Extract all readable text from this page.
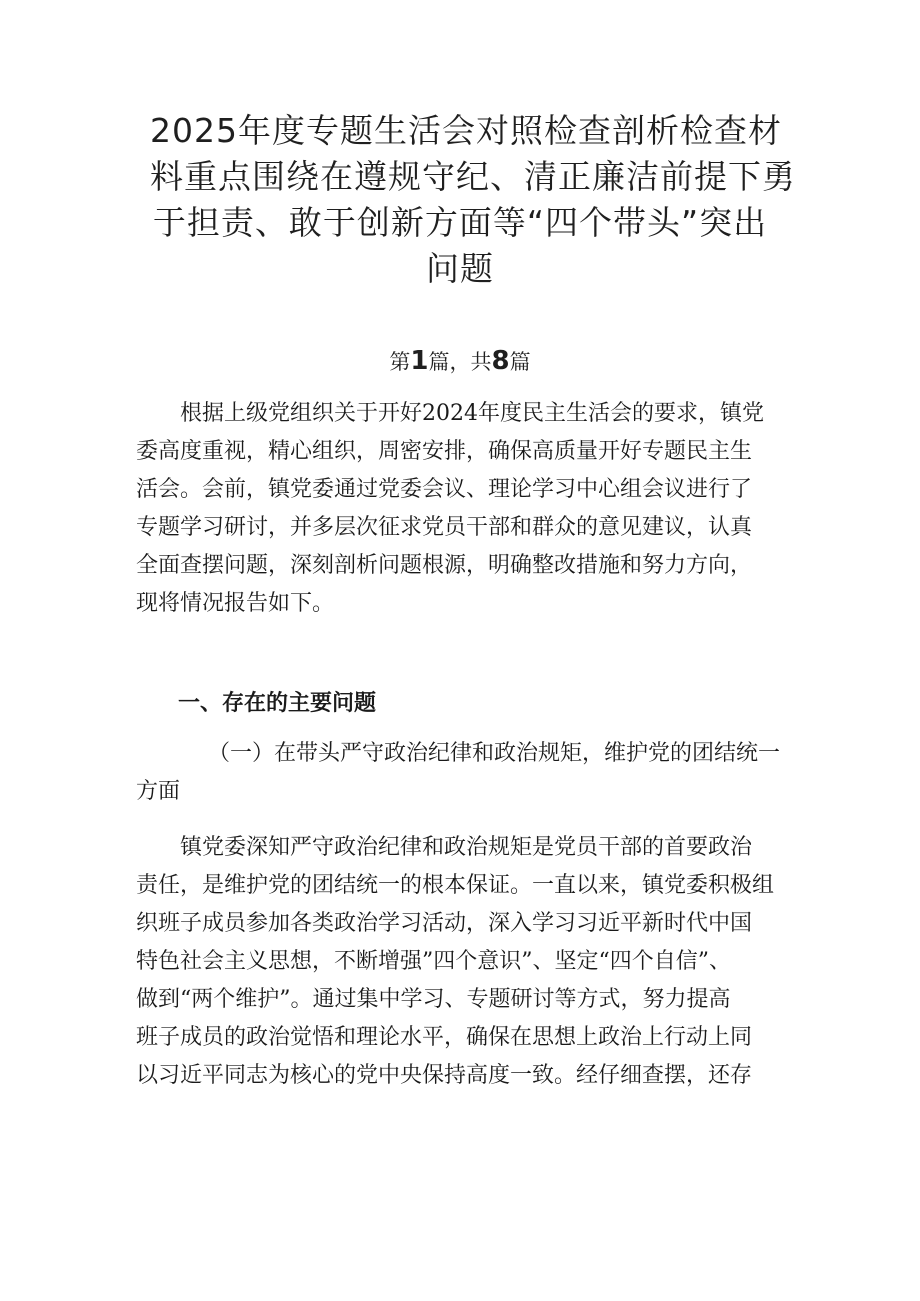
2025年度专题生活会对照检查剖析检查材
料重点围绕在遵规守纪、清正廉洁前提下勇
于担责、敢于创新方面等“四个带头”突出
问题
第1篇，共8篇
根据上级党组织关于开好2024年度民主生活会的要求，镇党
委高度重视，精心组织，周密安排，确保高质量开好专题民主生
活会。会前，镇党委通过党委会议、理论学习中心组会议进行了
专题学习研讨，并多层次征求党员干部和群众的意见建议，认真
全面查摆问题，深刻剖析问题根源，明确整改措施和努力方向，
现将情况报告如下。
一、存在的主要问题
（一）在带头严守政治纪律和政治规矩，维护党的团结统一
方面
镇党委深知严守政治纪律和政治规矩是党员干部的首要政治
责任，是维护党的团结统一的根本保证。一直以来，镇党委积极组
织班子成员参加各类政治学习活动，深入学习习近平新时代中国
特色社会主义思想，不断增强”四个意识”、坚定“四个自信”、
做到“两个维护”。通过集中学习、专题研讨等方式，努力提高
班子成员的政治觉悟和理论水平，确保在思想上政治上行动上同
以习近平同志为核心的党中央保持高度一致。经仔细查摆，还存
